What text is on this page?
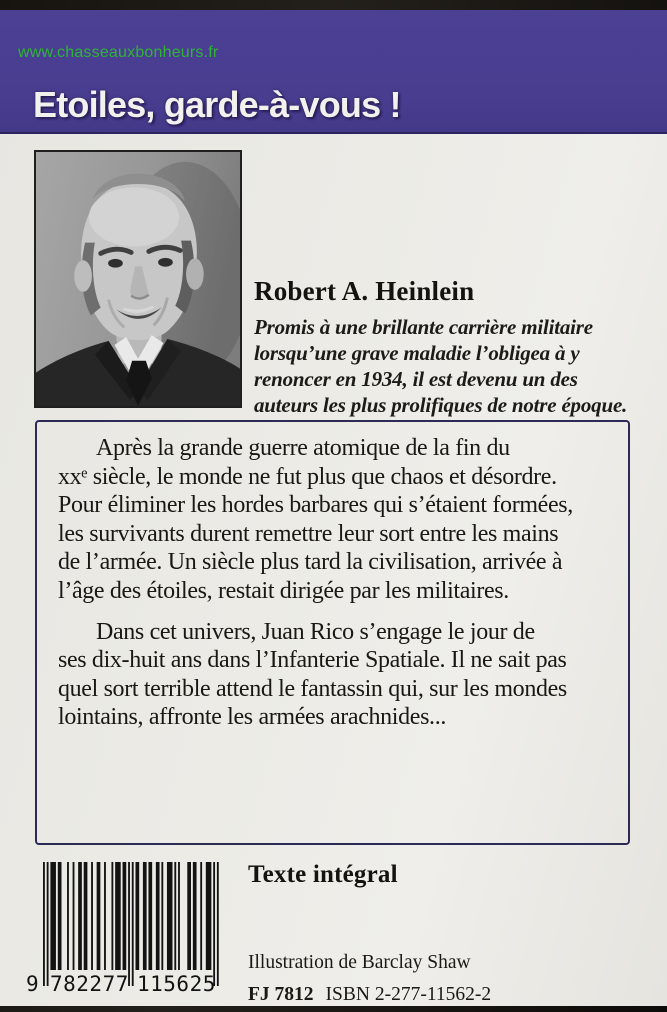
www.chasseauxbonheurs.fr
Etoiles, garde-à-vous !
Robert A. Heinlein
Promis à une brillante carrière militaire
lorsqu’une grave maladie l’obligea à y
renoncer en 1934, il est devenu un des
auteurs les plus prolifiques de notre époque.

Après la grande guerre atomique de la fin du
xxᵉ siècle, le monde ne fut plus que chaos et désordre.
Pour éliminer les hordes barbares qui s’étaient formées,
les survivants durent remettre leur sort entre les mains
de l’armée. Un siècle plus tard la civilisation, arrivée à
l’âge des étoiles, restait dirigée par les militaires.

Dans cet univers, Juan Rico s’engage le jour de
ses dix-huit ans dans l’Infanterie Spatiale. Il ne sait pas
quel sort terrible attend le fantassin qui, sur les mondes
lointains, affronte les armées arachnides...

Texte intégral
9 782277 115625
Illustration de Barclay Shaw
FJ 7812 ISBN 2-277-11562-2
